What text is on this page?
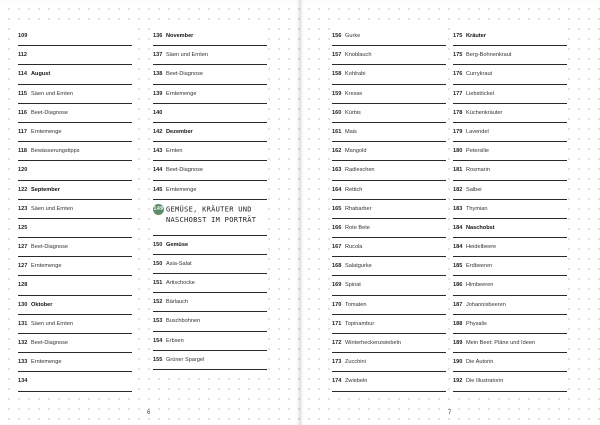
109
112
114 August
115 Säen und Ernten
116 Beet-Diagnose
117 Erntemenge
118 Bewässerungstipps
120
122 September
123 Säen und Ernten
125
127 Beet-Diagnose
127 Erntemenge
128
130 Oktober
131 Säen und Ernten
132 Beet-Diagnose
133 Erntemenge
134
136 November
137 Säen und Ernten
138 Beet-Diagnose
139 Erntemenge
140
142 Dezember
143 Ernten
144 Beet-Diagnose
145 Erntemenge
149 GEMÜSE, KRÄUTER UND
NASCHOBST IM PORTRÄT
150 Gemüse
150 Asia-Salat
151 Artischocke
152 Bärlauch
153 Buschbohnen
154 Erbsen
155 Grüner Spargel
6
156 Gurke
157 Knoblauch
158 Kohlrabi
159 Kresse
160 Kürbis
161 Mais
162 Mangold
163 Radieschen
164 Rettich
165 Rhabarber
166 Rote Bete
167 Rucola
168 Salatgurke
169 Spinat
170 Tomaten
171 Topinambur
172 Winterheckenzwiebeln
173 Zucchini
174 Zwiebeln
175 Kräuter
175 Berg-Bohnenkraut
176 Currykraut
177 Liebstöckel
178 Küchenkräuter
179 Lavendel
180 Petersilie
181 Rosmarin
182 Salbei
183 Thymian
184 Naschobst
184 Heidelbeere
185 Erdbeeren
186 Himbeeren
187 Johannisbeeren
188 Physalis
189 Mein Beet: Pläne und Ideen
190 Die Autorin
192 Die Illustratorin
7
